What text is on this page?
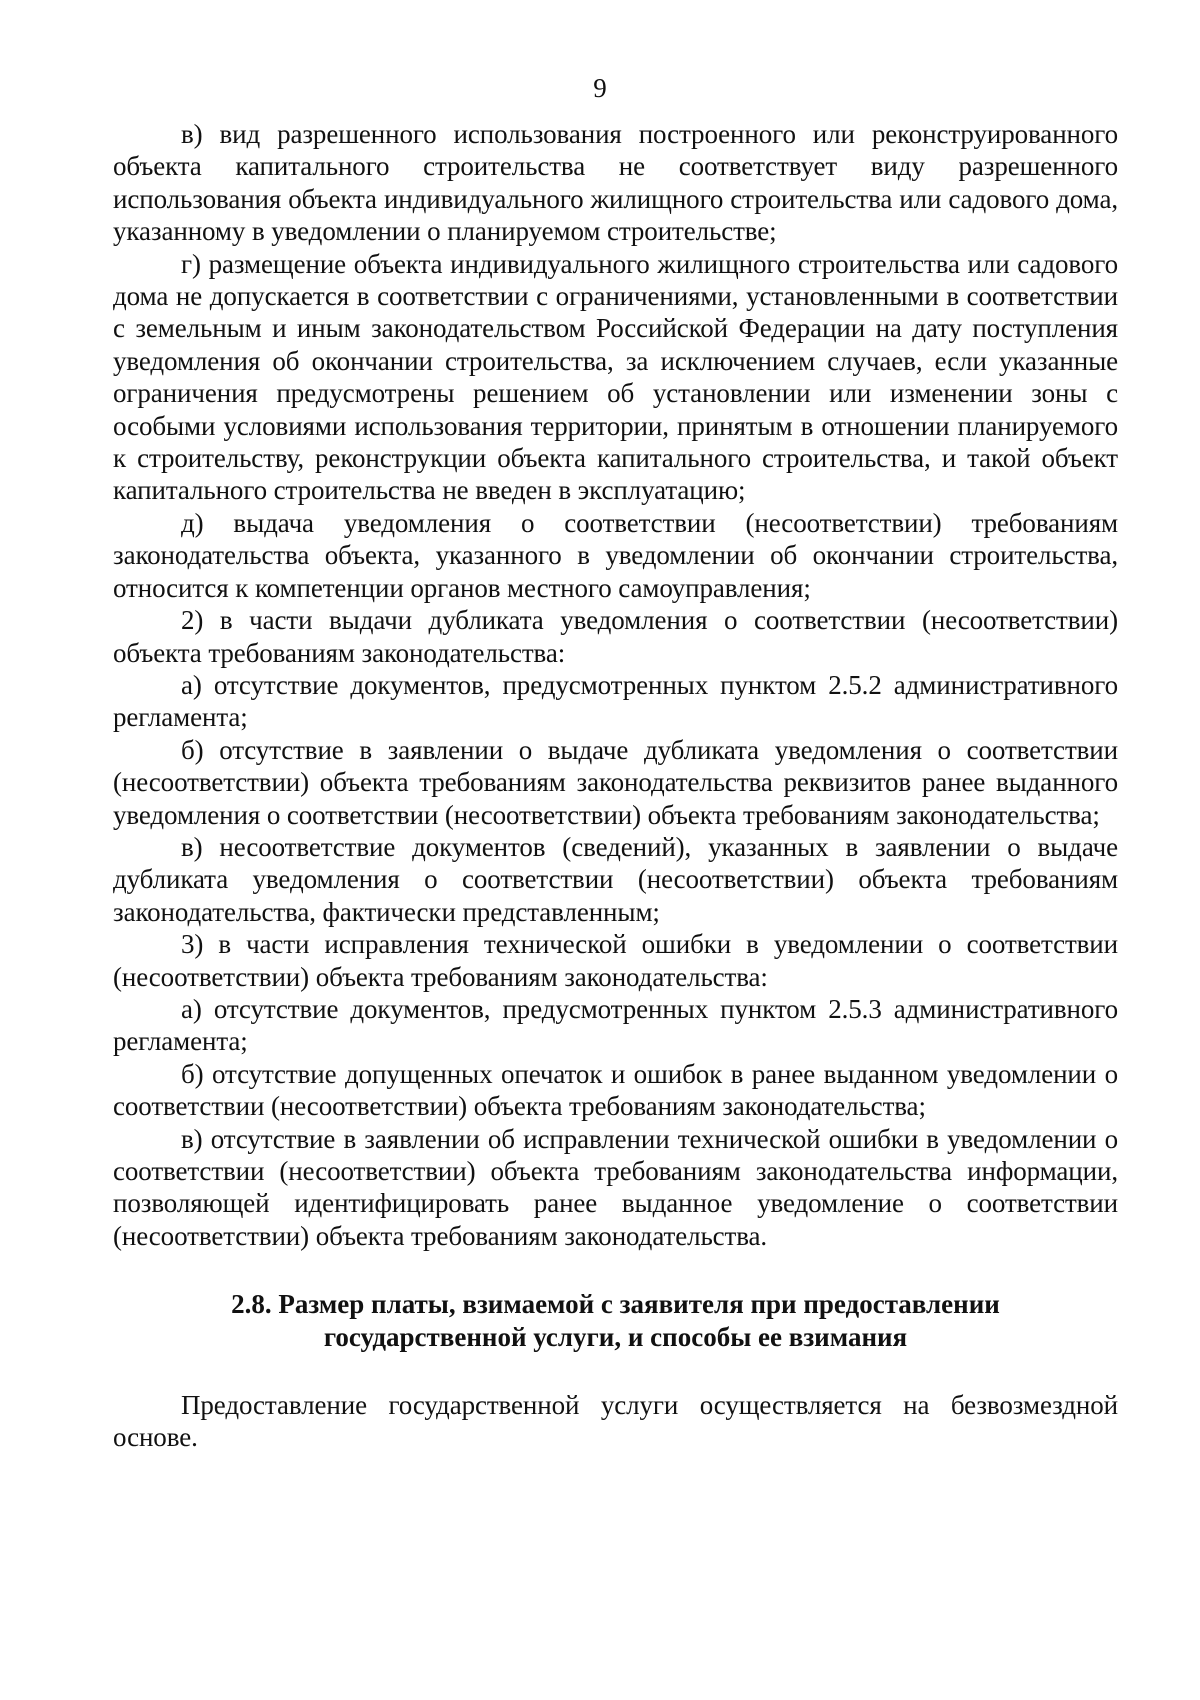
9

в) вид разрешенного использования построенного или реконструированного объекта капитального строительства не соответствует виду разрешенного использования объекта индивидуального жилищного строительства или садового дома, указанному в уведомлении о планируемом строительстве;

г) размещение объекта индивидуального жилищного строительства или садового дома не допускается в соответствии с ограничениями, установленными в соответствии с земельным и иным законодательством Российской Федерации на дату поступления уведомления об окончании строительства, за исключением случаев, если указанные ограничения предусмотрены решением об установлении или изменении зоны с особыми условиями использования территории, принятым в отношении планируемого к строительству, реконструкции объекта капитального строительства, и такой объект капитального строительства не введен в эксплуатацию;

д) выдача уведомления о соответствии (несоответствии) требованиям законодательства объекта, указанного в уведомлении об окончании строительства, относится к компетенции органов местного самоуправления;

2) в части выдачи дубликата уведомления о соответствии (несоответствии) объекта требованиям законодательства:

а) отсутствие документов, предусмотренных пунктом 2.5.2 административного регламента;

б) отсутствие в заявлении о выдаче дубликата уведомления о соответствии (несоответствии) объекта требованиям законодательства реквизитов ранее выданного уведомления о соответствии (несоответствии) объекта требованиям законодательства;

в) несоответствие документов (сведений), указанных в заявлении о выдаче дубликата уведомления о соответствии (несоответствии) объекта требованиям законодательства, фактически представленным;

3) в части исправления технической ошибки в уведомлении о соответствии (несоответствии) объекта требованиям законодательства:

а) отсутствие документов, предусмотренных пунктом 2.5.3 административного регламента;

б) отсутствие допущенных опечаток и ошибок в ранее выданном уведомлении о соответствии (несоответствии) объекта требованиям законодательства;

в) отсутствие в заявлении об исправлении технической ошибки в уведомлении о соответствии (несоответствии) объекта требованиям законодательства информации, позволяющей идентифицировать ранее выданное уведомление о соответствии (несоответствии) объекта требованиям законодательства.

2.8. Размер платы, взимаемой с заявителя при предоставлении
государственной услуги, и способы ее взимания

Предоставление государственной услуги осуществляется на безвозмездной основе.
